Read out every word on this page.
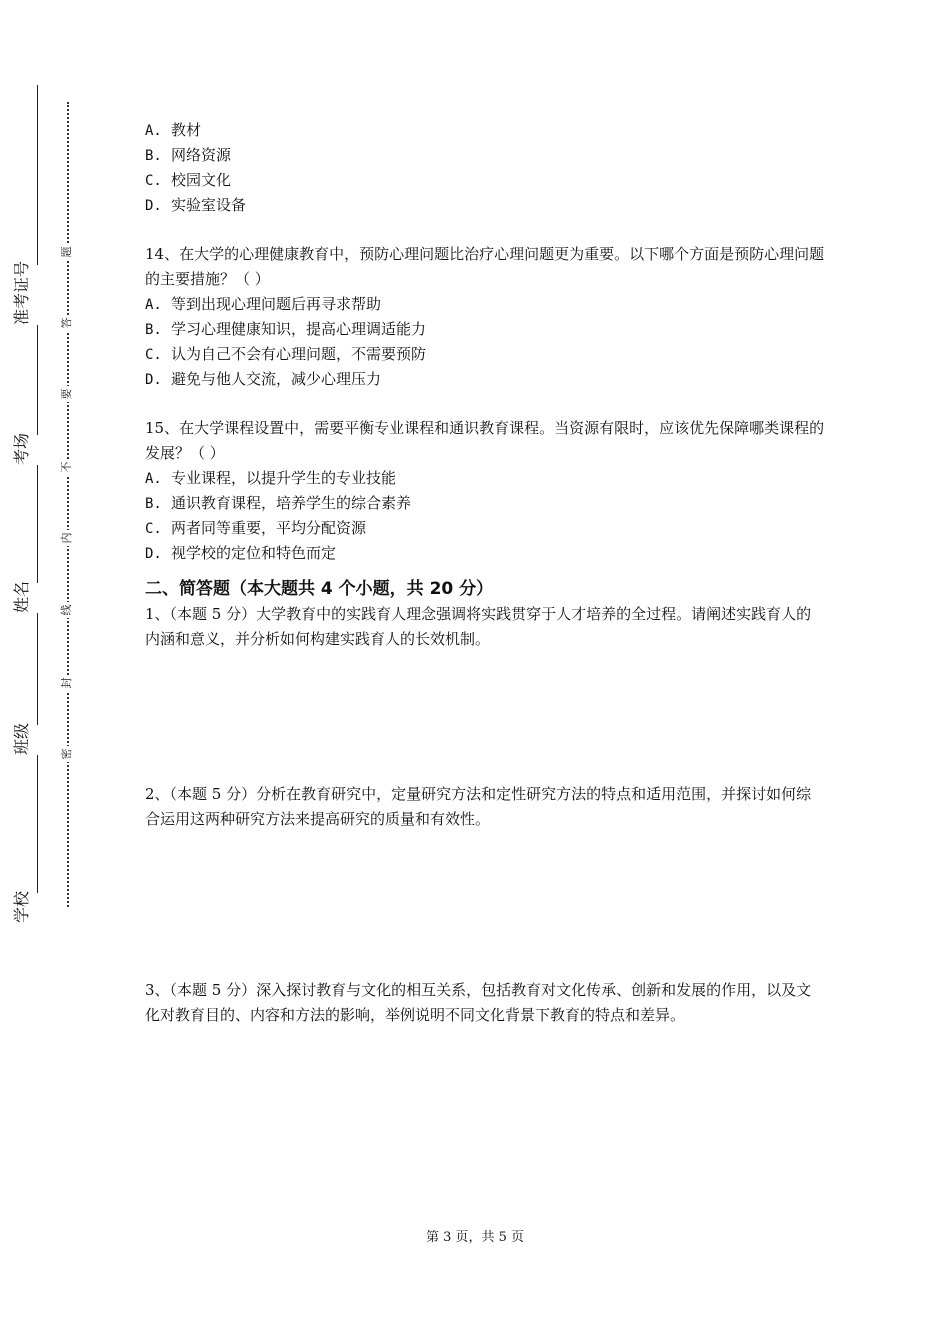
准考证号
考场
姓名
班级
学校
题
答
要
不
内
线
封
密
A. 教材
B. 网络资源
C. 校园文化
D. 实验室设备
14、在大学的心理健康教育中，预防心理问题比治疗心理问题更为重要。以下哪个方面是预防心理问题的主要措施？（ ）
A. 等到出现心理问题后再寻求帮助
B. 学习心理健康知识，提高心理调适能力
C. 认为自己不会有心理问题，不需要预防
D. 避免与他人交流，减少心理压力
15、在大学课程设置中，需要平衡专业课程和通识教育课程。当资源有限时，应该优先保障哪类课程的发展？（ ）
A. 专业课程，以提升学生的专业技能
B. 通识教育课程，培养学生的综合素养
C. 两者同等重要，平均分配资源
D. 视学校的定位和特色而定
二、简答题（本大题共 4 个小题，共 20 分）
1、（本题 5 分）大学教育中的实践育人理念强调将实践贯穿于人才培养的全过程。请阐述实践育人的内涵和意义，并分析如何构建实践育人的长效机制。
2、（本题 5 分）分析在教育研究中，定量研究方法和定性研究方法的特点和适用范围，并探讨如何综合运用这两种研究方法来提高研究的质量和有效性。
3、（本题 5 分）深入探讨教育与文化的相互关系，包括教育对文化传承、创新和发展的作用，以及文化对教育目的、内容和方法的影响，举例说明不同文化背景下教育的特点和差异。
第 3 页，共 5 页
